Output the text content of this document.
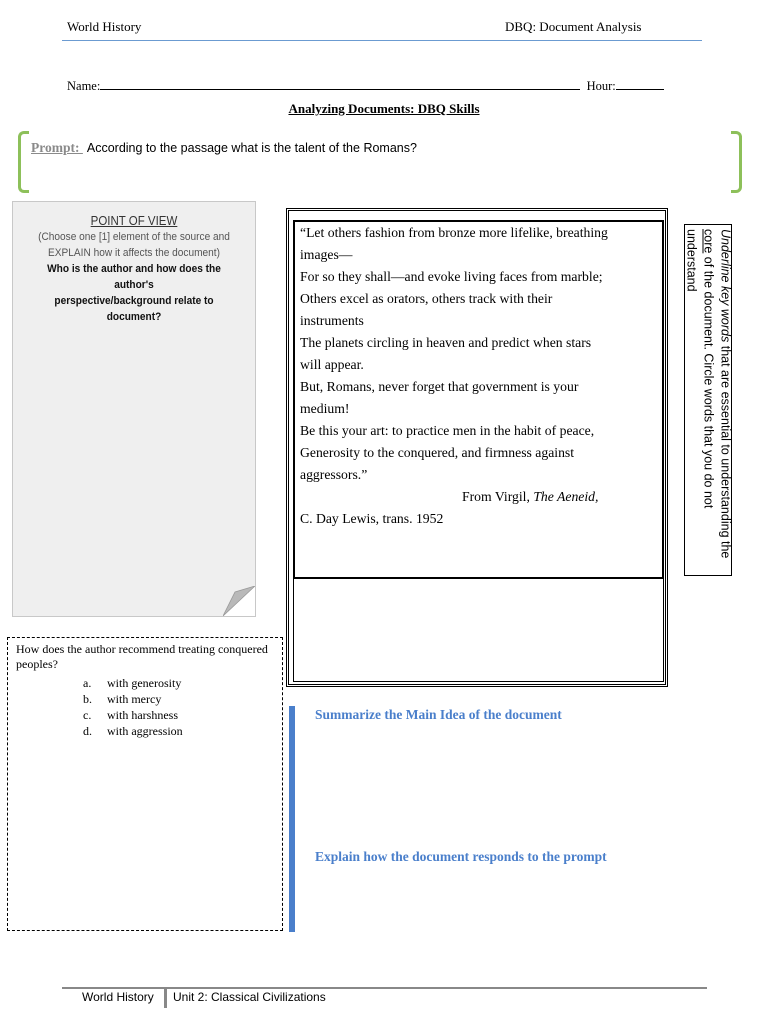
World History	DBQ: Document Analysis
Name:	Hour:
Analyzing Documents: DBQ Skills
Prompt: According to the passage what is the talent of the Romans?
POINT OF VIEW
(Choose one [1] element of the source and
EXPLAIN how it affects the document)
Who is the author and how does the author's
perspective/background relate to document?

“Let others fashion from bronze more lifelike, breathing images—

For so they shall—and evoke living faces from marble;

Others excel as orators, others track with their instruments

The planets circling in heaven and predict when stars will appear.

But, Romans, never forget that government is your medium!

Be this your art: to practice men in the habit of peace,

Generosity to the conquered, and firmness against aggressors.”

From Virgil, The Aeneid,

C. Day Lewis, trans. 1952

Underline key words that are essential to understanding the core of the document. Circle words that you do not understand
How does the author recommend treating conquered peoples?
a. with generosity
b. with mercy
c. with harshness
d. with aggression
Summarize the Main Idea of the document
Explain how the document responds to the prompt
World History Unit 2: Classical Civilizations
